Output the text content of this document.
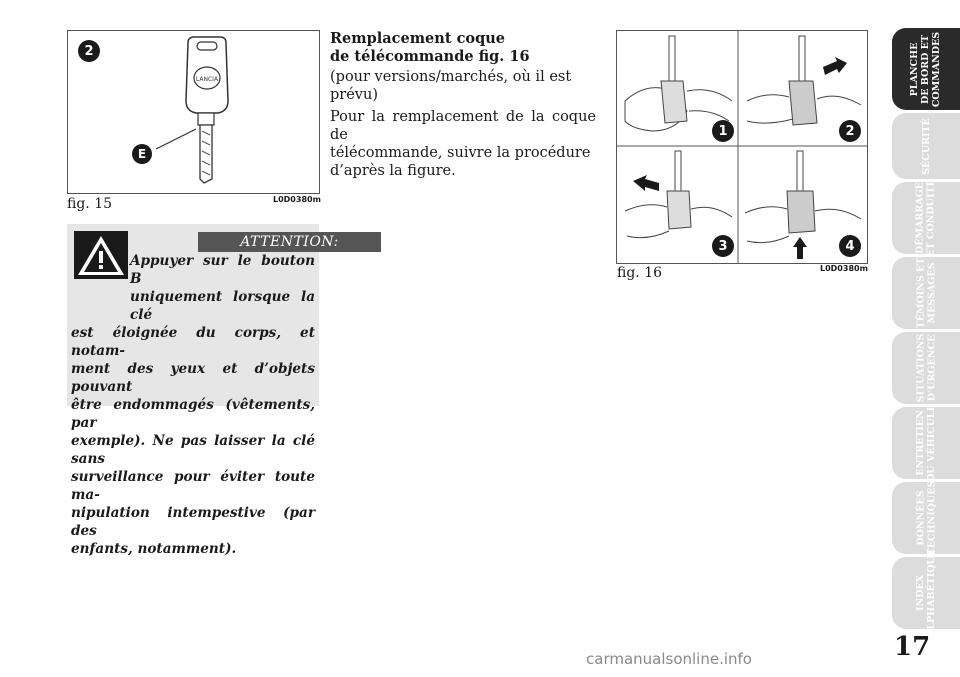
2
LANCIA
E
fig. 15	L0D0380m
ATTENTION:
Appuyer sur le bouton B
uniquement lorsque la clé
est éloignée du corps, et notam-
ment des yeux et d’objets pouvant
être endommagés (vêtements, par
exemple). Ne pas laisser la clé sans
surveillance pour éviter toute ma-
nipulation intempestive (par des
enfants, notamment).

Remplacement coque
de télécommande fig. 16

(pour versions/marchés, où il est
prévu)

Pour la remplacement de la coque de
télécommande, suivre la procédure
d’après la figure.

1	2
3	4
fig. 16	L0D0380m
PLANCHE
DE BORD ET
COMMANDES
SÉCURITÉ
DÉMARRAGE
ET CONDUITE
TÉMOINS ET
MESSAGES
SITUATIONS
D’URGENCE
ENTRETIEN
DU VÉHICULE
DONNÉES
TECHNIQUES
INDEX
ALPHABÉTIQUE
17
carmanualsonline.info
